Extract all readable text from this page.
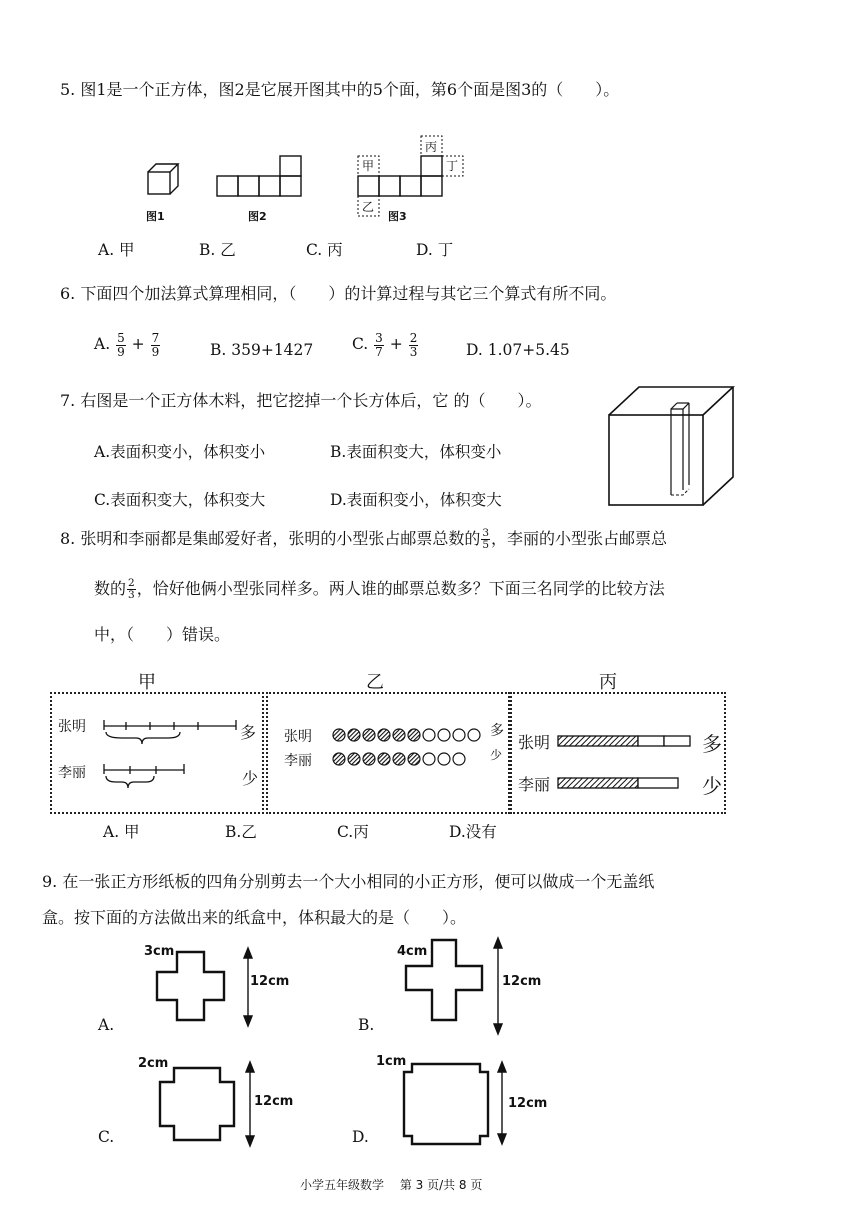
5. 图1是一个正方体，图2是它展开图其中的5个面，第6个面是图3的（　　）。
图1	图2	图3
甲
乙
丙
丁
A. 甲	B. 乙	C. 丙	D. 丁
6. 下面四个加法算式算理相同，（　　）的计算过程与其它三个算式有所不同。
A. $\frac{5}{9} + \frac{7}{9}$	B. 359+1427 C. $\frac{3}{7} + \frac{2}{3}$	D. 1.07+5.45
7. 右图是一个正方体木料，把它挖掉一个长方体后，它 的（　　）。
A.表面积变小，体积变小	B.表面积变大，体积变小
C.表面积变大，体积变大	D.表面积变小，体积变大
8. 张明和李丽都是集邮爱好者，张明的小型张占邮票总数的 $\frac{3}{5}$ ，李丽的小型张占邮票总
数的 $\frac{2}{3}$ ，恰好他俩小型张同样多。两人谁的邮票总数多？下面三名同学的比较方法
中，（　　）错误。
甲	乙	丙
张明
李丽
多
少
张明
李丽
多
少
张明
李丽
多
少
A. 甲	B.乙	C.丙	D.没有
9. 在一张正方形纸板的四角分别剪去一个大小相同的小正方形，便可以做成一个无盖纸
盒。按下面的方法做出来的纸盒中，体积最大的是（　　）。
A.
3cm
12cm
B.
4cm
12cm
C.
2cm
12cm
D.
1cm
12cm
小学五年级数学　 第 3 页/共 8 页
